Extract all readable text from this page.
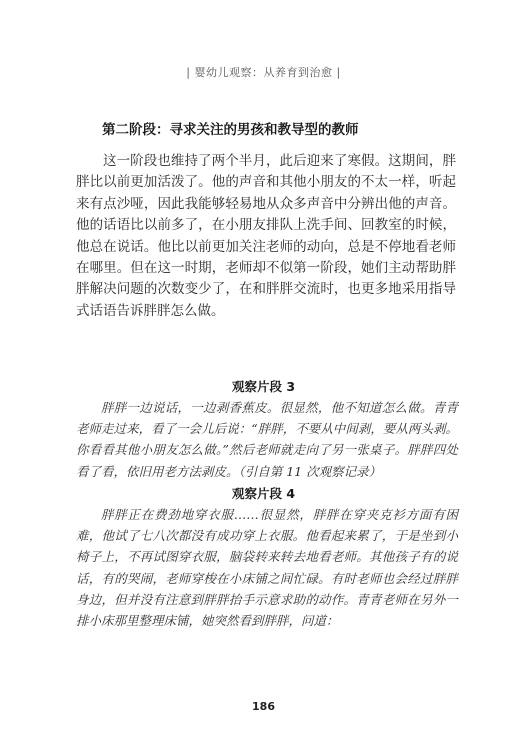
| 婴幼儿观察：从养育到治愈 |
第二阶段：寻求关注的男孩和教导型的教师

这一阶段也维持了两个半月，此后迎来了寒假。这期间，胖胖比以前更加活泼了。他的声音和其他小朋友的不太一样，听起来有点沙哑，因此我能够轻易地从众多声音中分辨出他的声音。他的话语比以前多了，在小朋友排队上洗手间、回教室的时候，他总在说话。他比以前更加关注老师的动向，总是不停地看老师在哪里。但在这一时期，老师却不似第一阶段，她们主动帮助胖胖解决问题的次数变少了，在和胖胖交流时，也更多地采用指导式话语告诉胖胖怎么做。

观察片段 3

胖胖一边说话，一边剥香蕉皮。很显然，他不知道怎么做。青青老师走过来，看了一会儿后说：“胖胖，不要从中间剥，要从两头剥。你看看其他小朋友怎么做。”然后老师就走向了另一张桌子。胖胖四处看了看，依旧用老方法剥皮。（引自第 11 次观察记录）

观察片段 4

胖胖正在费劲地穿衣服……很显然，胖胖在穿夹克衫方面有困难，他试了七八次都没有成功穿上衣服。他看起来累了，于是坐到小椅子上，不再试图穿衣服，脑袋转来转去地看老师。其他孩子有的说话，有的哭闹，老师穿梭在小床铺之间忙碌。有时老师也会经过胖胖身边，但并没有注意到胖胖抬手示意求助的动作。青青老师在另外一排小床那里整理床铺，她突然看到胖胖，问道：

186
